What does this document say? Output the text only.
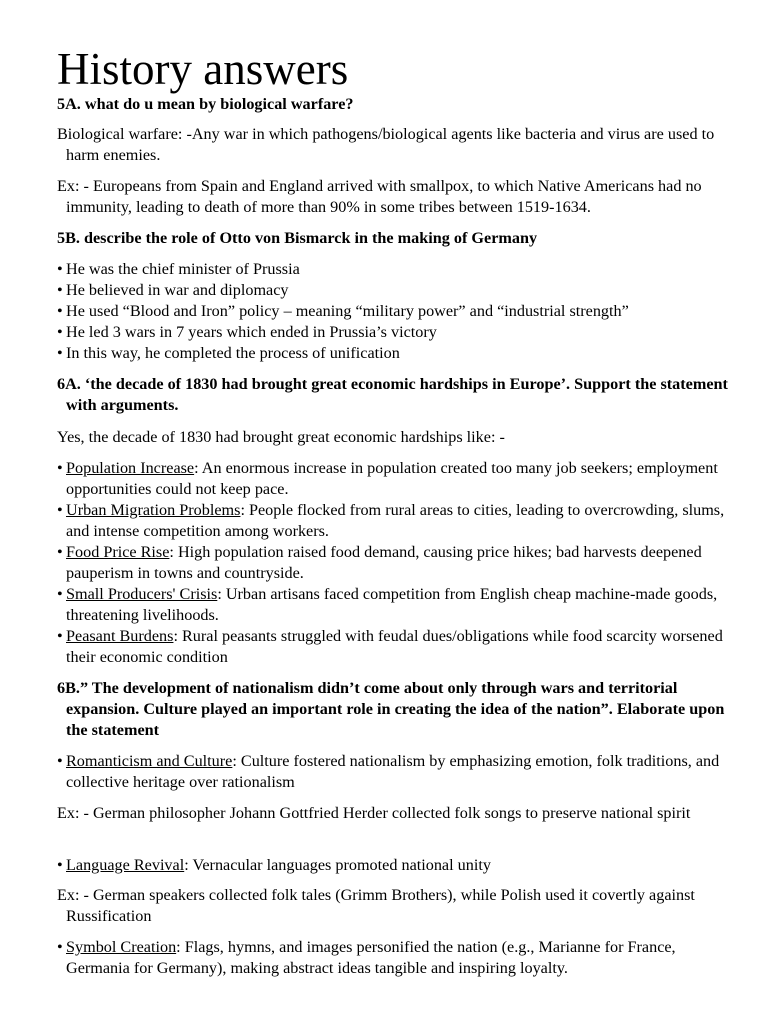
History answers
5A. what do u mean by biological warfare?
Biological warfare: -Any war in which pathogens/biological agents like bacteria and virus are used to harm enemies.
Ex: - Europeans from Spain and England arrived with smallpox, to which Native Americans had no immunity, leading to death of more than 90% in some tribes between 1519-1634.
5B. describe the role of Otto von Bismarck in the making of Germany
• He was the chief minister of Prussia
• He believed in war and diplomacy
• He used “Blood and Iron” policy – meaning “military power” and “industrial strength”
• He led 3 wars in 7 years which ended in Prussia’s victory
• In this way, he completed the process of unification
6A. ‘the decade of 1830 had brought great economic hardships in Europe’. Support the statement with arguments.
Yes, the decade of 1830 had brought great economic hardships like: -
• Population Increase: An enormous increase in population created too many job seekers; employment opportunities could not keep pace.
• Urban Migration Problems: People flocked from rural areas to cities, leading to overcrowding, slums, and intense competition among workers.
• Food Price Rise: High population raised food demand, causing price hikes; bad harvests deepened pauperism in towns and countryside.
• Small Producers' Crisis: Urban artisans faced competition from English cheap machine-made goods, threatening livelihoods.
• Peasant Burdens: Rural peasants struggled with feudal dues/obligations while food scarcity worsened their economic condition
6B.” The development of nationalism didn’t come about only through wars and territorial expansion. Culture played an important role in creating the idea of the nation”. Elaborate upon the statement
• Romanticism and Culture: Culture fostered nationalism by emphasizing emotion, folk traditions, and collective heritage over rationalism
Ex: - German philosopher Johann Gottfried Herder collected folk songs to preserve national spirit
• Language Revival: Vernacular languages promoted national unity
Ex: - German speakers collected folk tales (Grimm Brothers), while Polish used it covertly against Russification
• Symbol Creation: Flags, hymns, and images personified the nation (e.g., Marianne for France, Germania for Germany), making abstract ideas tangible and inspiring loyalty.
